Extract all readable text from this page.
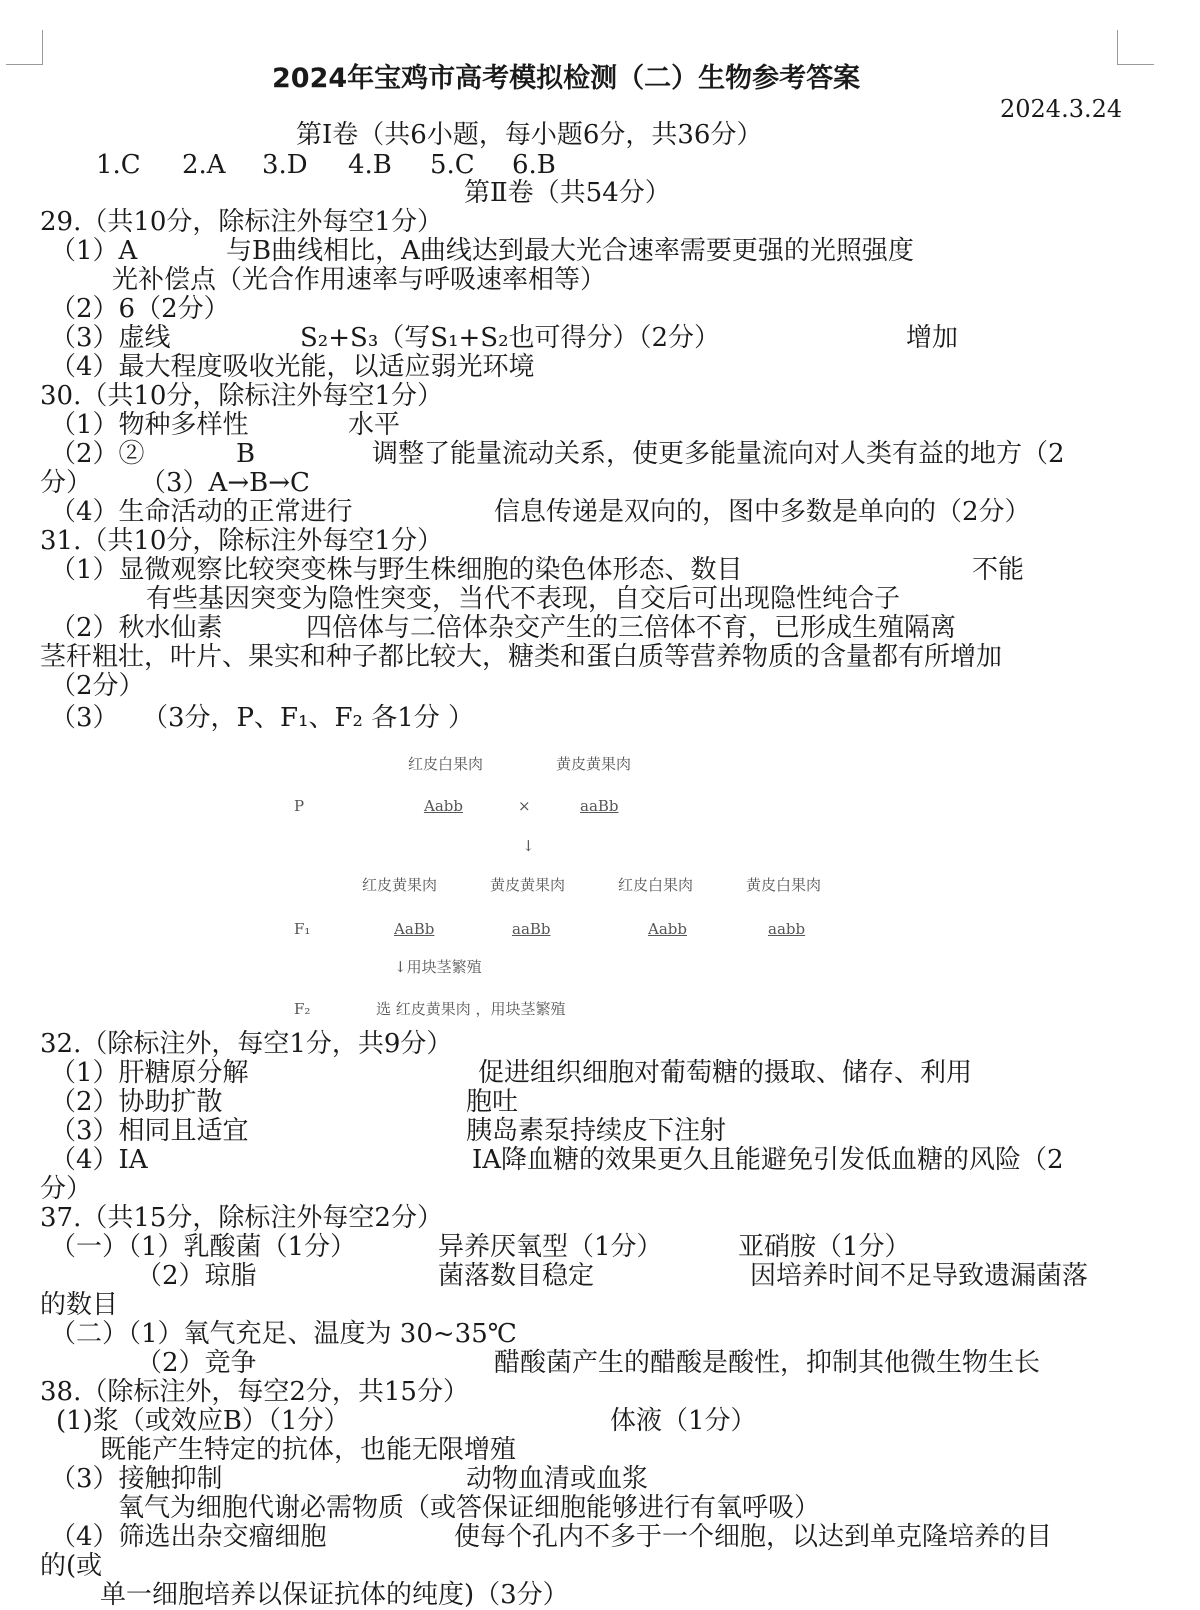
2024年宝鸡市高考模拟检测（二）生物参考答案
2024.3.24
第Ⅰ卷（共6小题，每小题6分，共36分）
1.C 2.A 3.D 4.B 5.C 6.B
第Ⅱ卷（共54分）
29.（共10分，除标注外每空1分）
（1）A	与B曲线相比，A曲线达到最大光合速率需要更强的光照强度
光补偿点（光合作用速率与呼吸速率相等）
（2）6（2分）
（3）虚线	S₂+S₃（写S₁+S₂也可得分）（2分）	增加
（4）最大程度吸收光能，以适应弱光环境
30.（共10分，除标注外每空1分）
（1）物种多样性	水平
（2）②	B	调整了能量流动关系，使更多能量流向对人类有益的地方（2
分） （3）A→B→C
（4）生命活动的正常进行	信息传递是双向的，图中多数是单向的（2分）
31.（共10分，除标注外每空1分）
（1）显微观察比较突变株与野生株细胞的染色体形态、数目	不能
有些基因突变为隐性突变，当代不表现，自交后可出现隐性纯合子
（2）秋水仙素	四倍体与二倍体杂交产生的三倍体不育，已形成生殖隔离
茎秆粗壮，叶片、果实和种子都比较大，糖类和蛋白质等营养物质的含量都有所增加
（2分）
（3） （3分，P、F₁、F₂ 各1分 ）
红皮白果肉	黄皮黄果肉
P	Aabb	×	aaBb
↓
红皮黄果肉	黄皮黄果肉	红皮白果肉	黄皮白果肉
F₁	AaBb	aaBb	Aabb	aabb
↓用块茎繁殖
F₂	选 红皮黄果肉 ，用块茎繁殖
32.（除标注外，每空1分，共9分）
（1）肝糖原分解	促进组织细胞对葡萄糖的摄取、储存、利用
（2）协助扩散	胞吐
（3）相同且适宜	胰岛素泵持续皮下注射
（4）IA	IA降血糖的效果更久且能避免引发低血糖的风险（2
分）
37.（共15分，除标注外每空2分）
（一）（1）乳酸菌（1分）	异养厌氧型（1分）	亚硝胺（1分）
（2）琼脂	菌落数目稳定	因培养时间不足导致遗漏菌落
的数目
（二）（1）氧气充足、温度为 30~35℃
（2）竞争	醋酸菌产生的醋酸是酸性，抑制其他微生物生长
38.（除标注外，每空2分，共15分）
(1)浆（或效应B）（1分）	体液（1分）
既能产生特定的抗体，也能无限增殖
（3）接触抑制	动物血清或血浆
氧气为细胞代谢必需物质（或答保证细胞能够进行有氧呼吸）
（4）筛选出杂交瘤细胞	使每个孔内不多于一个细胞，以达到单克隆培养的目
的(或
单一细胞培养以保证抗体的纯度)（3分）
